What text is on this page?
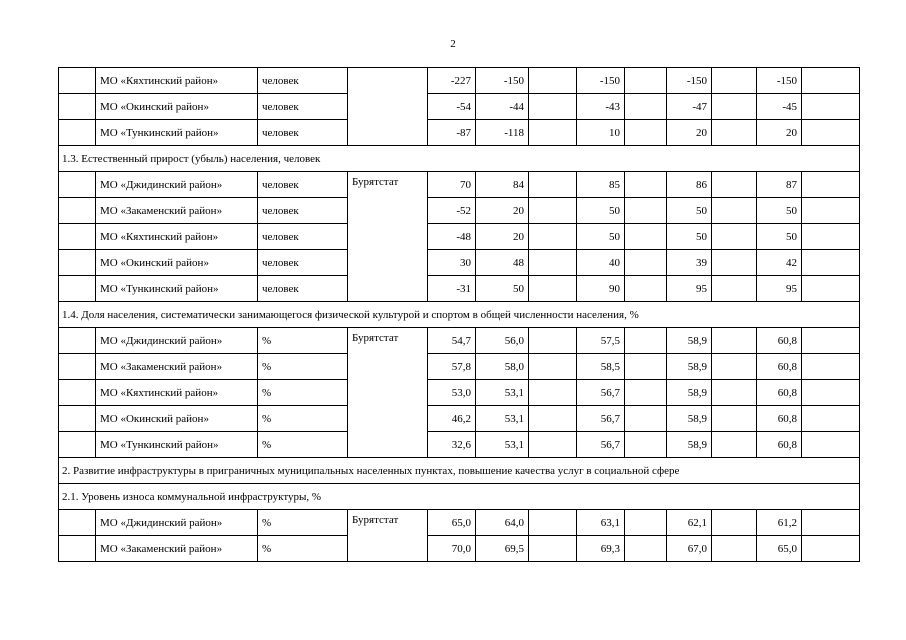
2
	МО «Кяхтинский район»	человек		-227	-150		-150		-150		-150	
	МО «Окинский район»	человек		-54	-44		-43		-47		-45	
	МО «Тункинский район»	человек		-87	-118		10		20		20	
1.3. Естественный прирост (убыль) населения, человек												
	МО «Джидинский район»	человек	Бурятстат	70	84		85		86		87	
	МО «Закаменский район»	человек		-52	20		50		50		50	
	МО «Кяхтинский район»	человек		-48	20		50		50		50	
	МО «Окинский район»	человек		30	48		40		39		42	
	МО «Тункинский район»	человек		-31	50		90		95		95	
1.4. Доля населения, систематически занимающегося физической культурой и спортом в общей численности населения, %												
	МО «Джидинский район»	%	Бурятстат	54,7	56,0		57,5		58,9		60,8	
	МО «Закаменский район»	%		57,8	58,0		58,5		58,9		60,8	
	МО «Кяхтинский район»	%		53,0	53,1		56,7		58,9		60,8	
	МО «Окинский район»	%		46,2	53,1		56,7		58,9		60,8	
	МО «Тункинский район»	%		32,6	53,1		56,7		58,9		60,8	
2. Развитие инфраструктуры в приграничных муниципальных населенных пунктах, повышение качества услуг в социальной сфере												
2.1. Уровень износа коммунальной инфраструктуры, %												
	МО «Джидинский район»	%	Бурятстат	65,0	64,0		63,1		62,1		61,2	
	МО «Закаменский район»	%		70,0	69,5		69,3		67,0		65,0	
